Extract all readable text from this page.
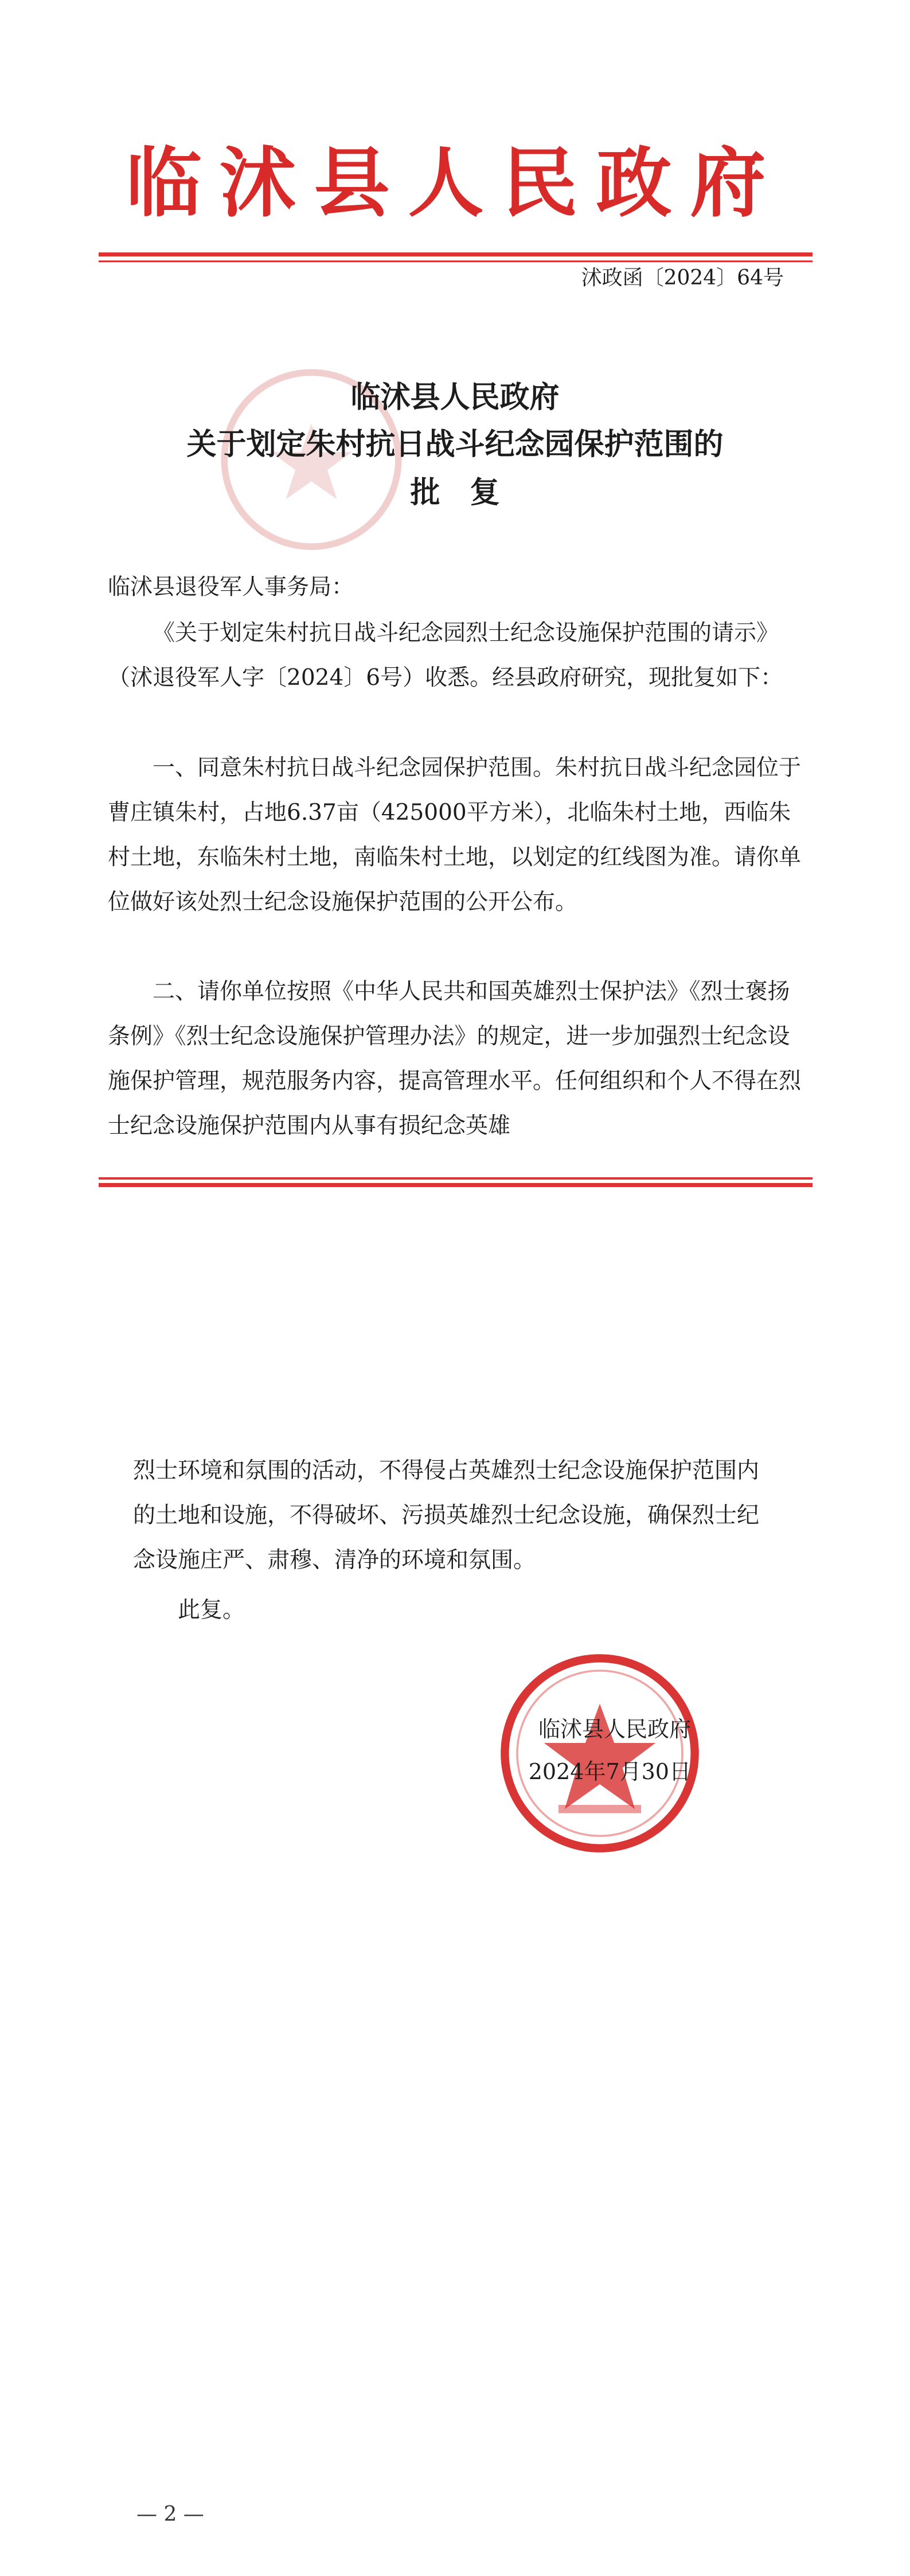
临沭县人民政府
沭政函〔2024〕64号
临沭县人民政府
关于划定朱村抗日战斗纪念园保护范围的
批　复
临沭县退役军人事务局：
《关于划定朱村抗日战斗纪念园烈士纪念设施保护范围的请示》（沭退役军人字〔2024〕6号）收悉。经县政府研究，现批复如下：
一、同意朱村抗日战斗纪念园保护范围。朱村抗日战斗纪念园位于曹庄镇朱村，占地6.37亩（425000平方米），北临朱村土地，西临朱村土地，东临朱村土地，南临朱村土地，以划定的红线图为准。请你单位做好该处烈士纪念设施保护范围的公开公布。
二、请你单位按照《中华人民共和国英雄烈士保护法》《烈士褒扬条例》《烈士纪念设施保护管理办法》的规定，进一步加强烈士纪念设施保护管理，规范服务内容，提高管理水平。任何组织和个人不得在烈士纪念设施保护范围内从事有损纪念英雄
烈士环境和氛围的活动，不得侵占英雄烈士纪念设施保护范围内的土地和设施，不得破坏、污损英雄烈士纪念设施，确保烈士纪念设施庄严、肃穆、清净的环境和氛围。
此复。
临沭县人民政府
2024年7月30日
— 2 —
